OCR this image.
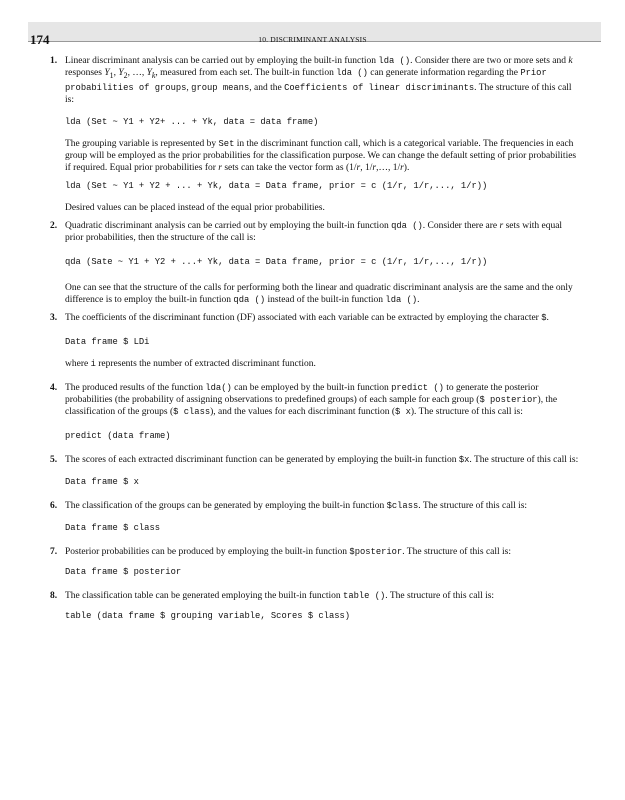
174	10. DISCRIMINANT ANALYSIS
1. Linear discriminant analysis can be carried out by employing the built-in function lda (). Consider there are two or more sets and k responses $Y_1$, $Y_2$, …, $Y_k$, measured from each set. The built-in function lda () can generate information regarding the Prior probabilities of groups, group means, and the Coefficients of linear discriminants. The structure of this call is:

lda (Set ~ Y1 + Y2+ ... + Yk, data = data frame)

The grouping variable is represented by Set in the discriminant function call, which is a categorical variable. The frequencies in each group will be employed as the prior probabilities for the classification purpose. We can change the default setting of prior probabilities if required. Equal prior probabilities for r sets can take the vector form as (1/r, 1/r,…, 1/r).

lda (Set ~ Y1 + Y2 + ... + Yk, data = Data frame, prior = c (1/r, 1/r,..., 1/r))

Desired values can be placed instead of the equal prior probabilities.

2. Quadratic discriminant analysis can be carried out by employing the built-in function qda (). Consider there are r sets with equal prior probabilities, then the structure of the call is:

qda (Sate ~ Y1 + Y2 + ...+ Yk, data = Data frame, prior = c (1/r, 1/r,..., 1/r))

One can see that the structure of the calls for performing both the linear and quadratic discriminant analysis are the same and the only difference is to employ the built-in function qda () instead of the built-in function lda ().

3. The coefficients of the discriminant function (DF) associated with each variable can be extracted by employing the character $.

Data frame $ LDi

where i represents the number of extracted discriminant function.

4. The produced results of the function lda() can be employed by the built-in function predict () to generate the posterior probabilities (the probability of assigning observations to predefined groups) of each sample for each group ($ posterior), the classification of the groups ($ class), and the values for each discriminant function ($ x). The structure of this call is:

predict (data frame)
5. The scores of each extracted discriminant function can be generated by employing the built-in function $x. The structure of this call is:

Data frame $ x
6. The classification of the groups can be generated by employing the built-in function $class. The structure of this call is:

Data frame $ class
7. Posterior probabilities can be produced by employing the built-in function $posterior. The structure of this call is:

Data frame $ posterior
8. The classification table can be generated employing the built-in function table (). The structure of this call is:

table (data frame $ grouping variable, Scores $ class)
